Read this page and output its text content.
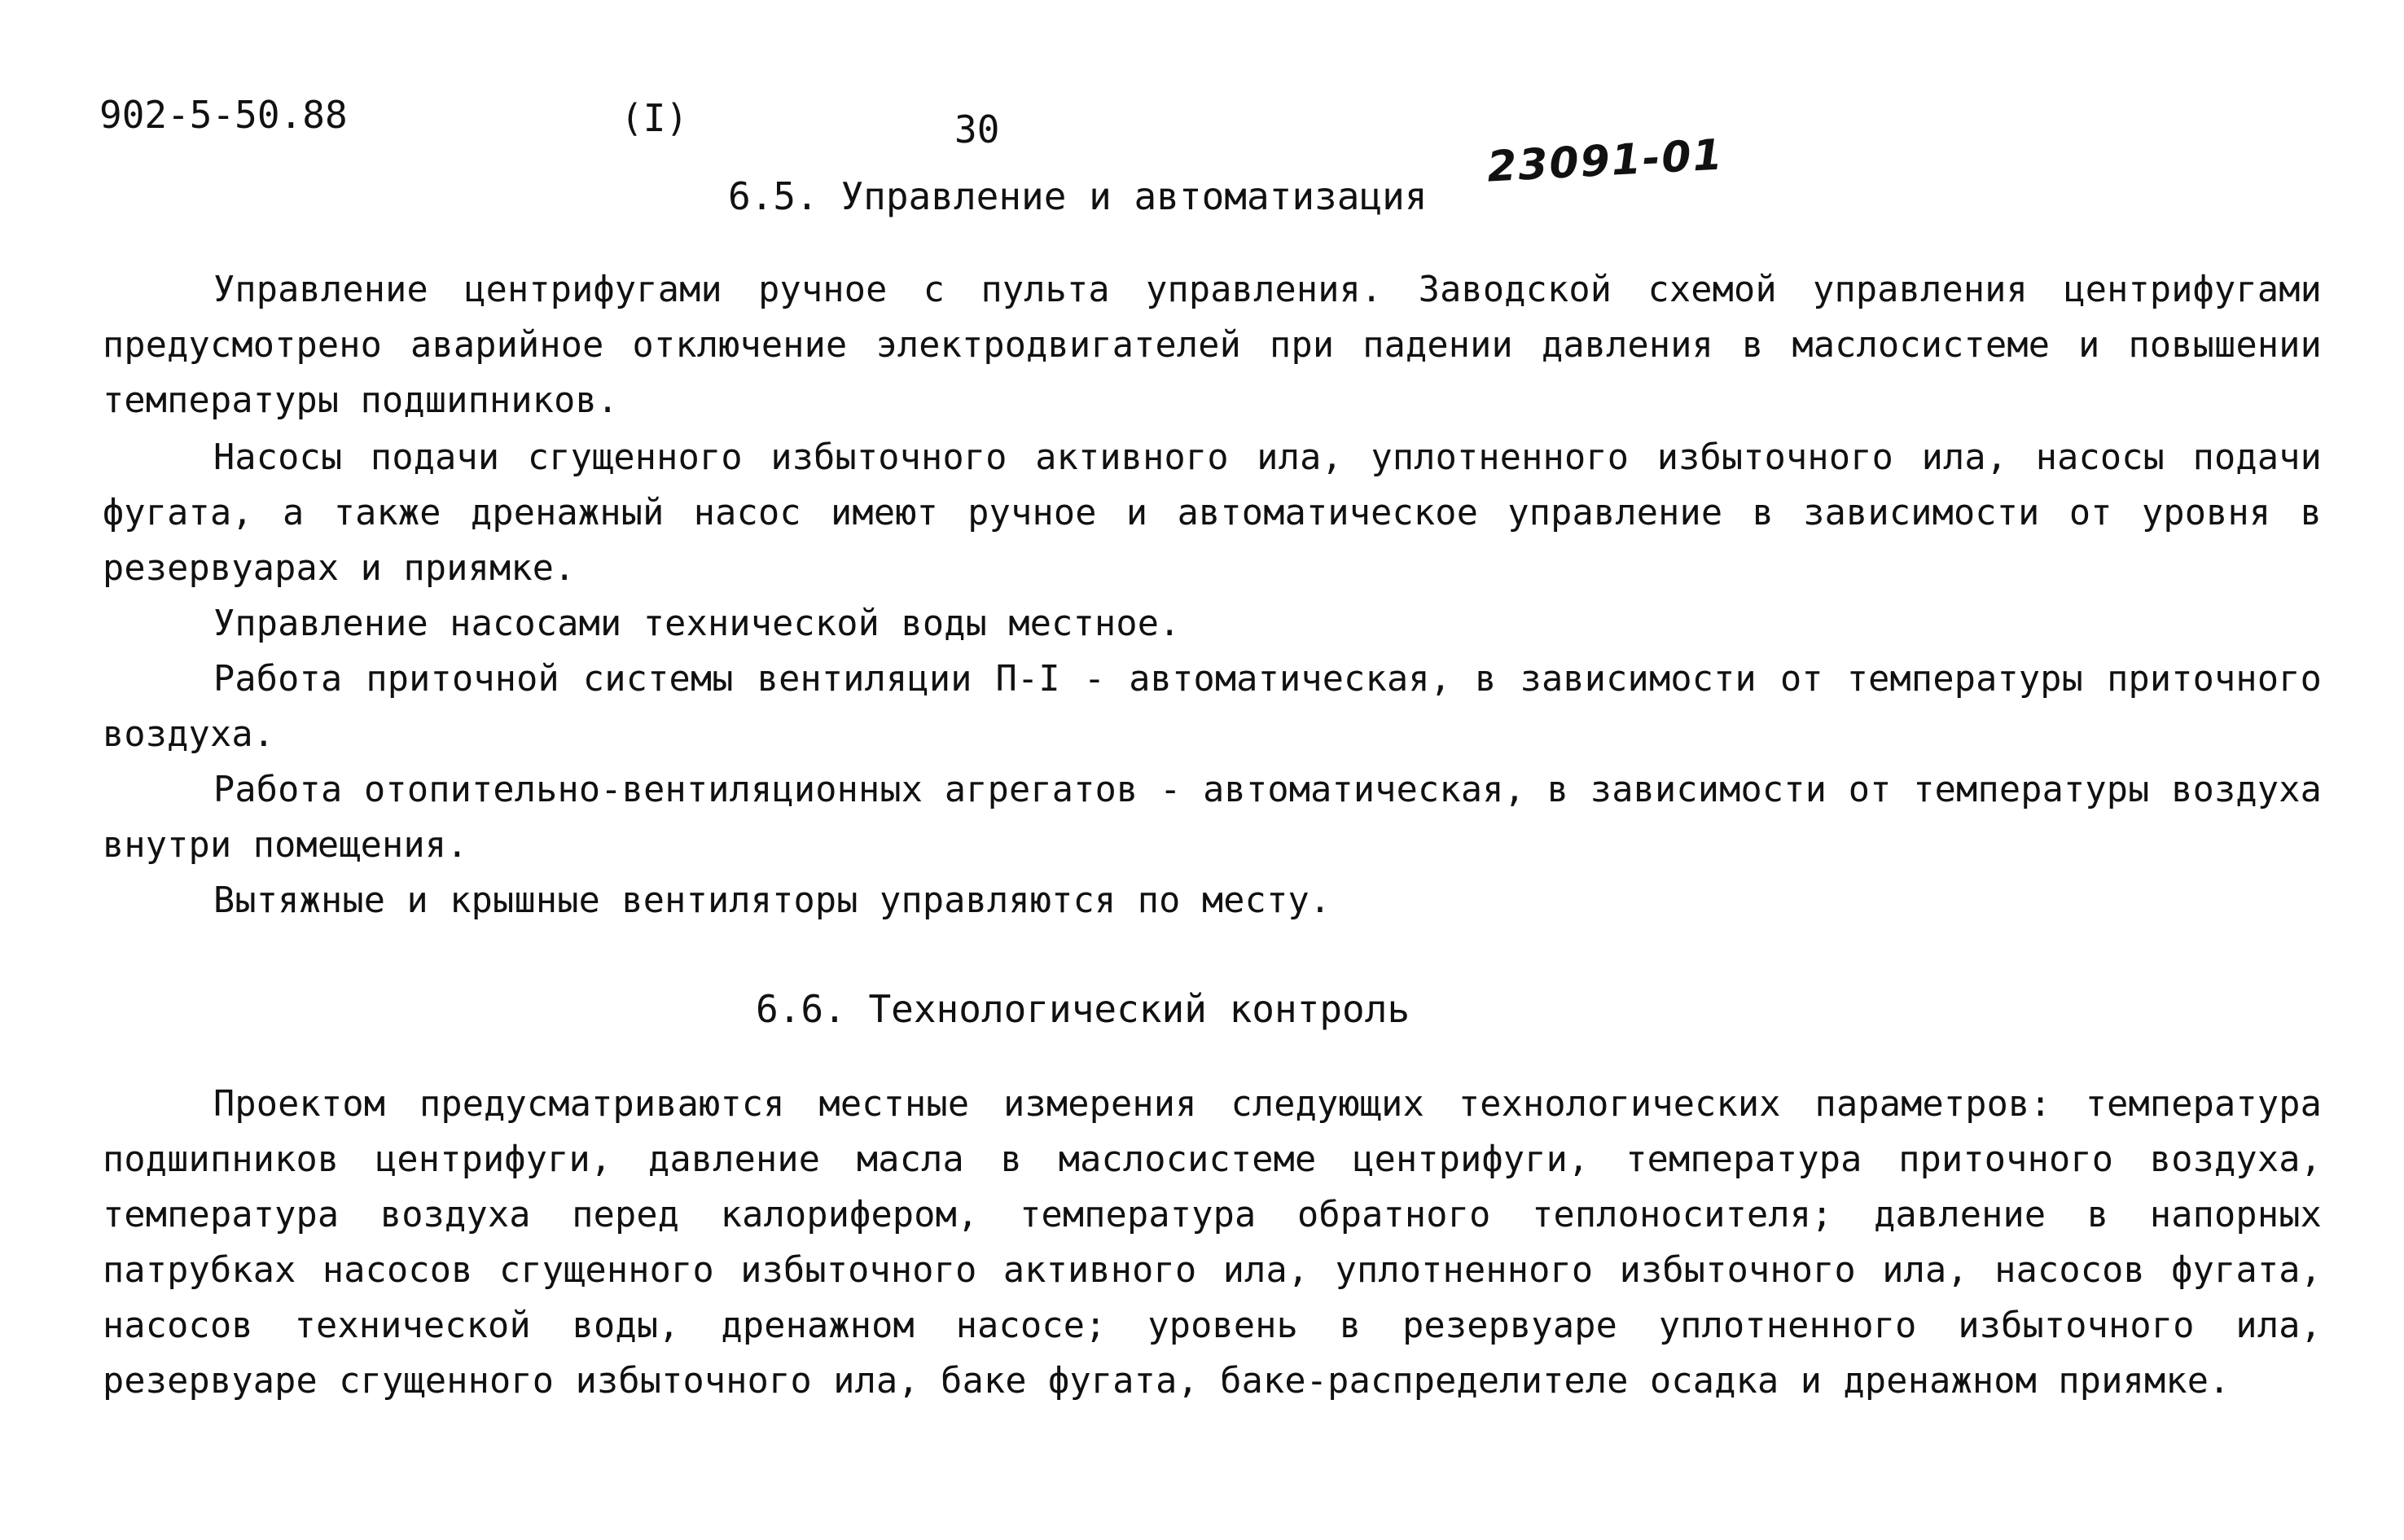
902-5-50.88	(I)	30
23091-01
6.5. Управление и автоматизация

Управление центрифугами ручное с пульта управления. Заводской схемой управления центрифугами предусмотрено аварийное отключение электродвигателей при падении давления в маслосистеме и повышении температуры подшипников.

Насосы подачи сгущенного избыточного активного ила, уплотненного избыточного ила, насосы подачи фугата, а также дренажный насос имеют ручное и автоматическое управление в зависимости от уровня в резервуарах и приямке.

Управление насосами технической воды местное.

Работа приточной системы вентиляции П-I - автоматическая, в зависимости от температуры приточного воздуха.

Работа отопительно-вентиляционных агрегатов - автоматическая, в зависимости от температуры воздуха внутри помещения.

Вытяжные и крышные вентиляторы управляются по месту.

6.6. Технологический контроль

Проектом предусматриваются местные измерения следующих технологических параметров: температура подшипников центрифуги, давление масла в маслосистеме центрифуги, температура приточного воздуха, температура воздуха перед калорифером, температура обратного теплоносителя; давление в напорных патрубках насосов сгущенного избыточного активного ила, уплотненного избыточного ила, насосов фугата, насосов технической воды, дренажном насосе; уровень в резервуаре уплотненного избыточного ила, резервуаре сгущенного избыточного ила, баке фугата, баке-распределителе осадка и дренажном приямке.
